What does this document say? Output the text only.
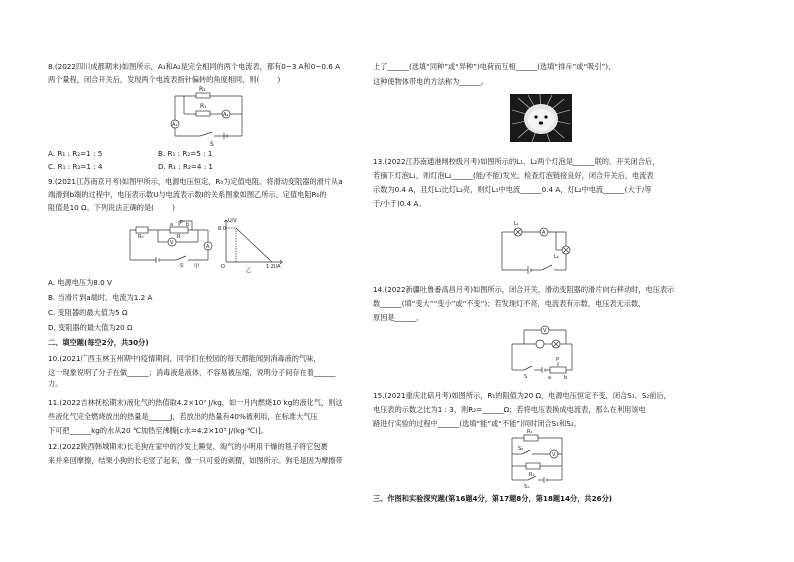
8.(2022四川成都期末)如图所示，A₁和A₂是完全相同的两个电流表，都有0~3 A和0~0.6 A

两个量程，闭合开关后，发现两个电流表指针偏转的角度相同，则(        )

R₁
R₂
A₂
A₁
S

A. R₁ : R₂=1 : 5	B. R₁ : R₂=5 : 1

C. R₁ : R₂=1 : 4	D. R₁ : R₂=4 : 1

9.(2021江苏南京月考)如图甲所示，电源电压恒定，R₀为定值电阻。将滑动变阻器的滑片从a

端滑到b端的过程中，电压表示数U与电流表示数I的关系图象如图乙所示，定值电阻R₀的

阻值是10 Ω。下列说法正确的是(        )

a P b
R
R₀
V
A
S 甲
U/V
8.0
O	1.2 I/A
乙

A. 电源电压为8.0 V

B. 当滑片到a端时，电流为1.2 A

C. 变阻器的最大值为5 Ω

D. 变阻器的最大值为20 Ω

二、填空题(每空2分，共30分)

10.(2021广西玉林玉州期中)疫情期间，同学们在校园的每天都能闻到消毒液的气味，

这一现象说明了分子在做______；消毒液是液体，不容易被压缩，说明分子间存在着______力。

11.(2022吉林抚松期末)液化气的热值取4.2×10⁷ J/kg，如一月内燃烧10 kg的液化气，则这

些液化气完全燃烧放出的热量是______J，若放出的热量有40%被利用，在标准大气压

下可把______kg的水从20 ℃加热至沸腾[c水=4.2×10³ J/(kg·℃)]。

12.(2022陕西韩城期末)长毛狗在家中的沙发上睡觉，淘气的小明用干燥的毯子将它包裹

来并来回摩擦，结果小狗的长毛竖了起来，像一只可爱的刺猬，如图所示。狗毛是因为摩擦带

上了______(选填“同种”或“异种”)电荷而互相______(选填“排斥”或“吸引”)，

这种使物体带电的方法称为______。

13.(2022江苏南通港闸校级月考)如图所示的L₁、L₂两个灯泡是______联的。开关闭合后，

若摘下灯泡L₁，则灯泡L₂______(能/不能)发光。检查灯泡链接良好，闭合开关后，电流表

示数为0.4 A，且灯L₁比灯L₂亮，则灯L₁中电流______0.4 A，灯L₂中电流______(大于/等

于/小于)0.4 A。

L₁
A
L₂

14.(2022新疆吐鲁番高昌月考)如图所示，闭合开关，滑动变阻器的滑片向右移动时，电压表示

数______(填“变大”“变小”或“不变”)；若发现灯不亮，电流表有示数，电压表无示数，

原因是______。

V
S	a
P
b

15.(2021重庆北碚月考)如图所示，R₁的阻值为20 Ω，电源电压恒定不变，闭合S₁、S₂前后，

电压表的示数之比为1 : 3，则R₂=______Ω；若将电压表换成电流表，那么在利用该电

路进行实验的过程中______(选填“能”或“不能”)同时闭合S₁和S₂。

R₁
S₂
V
R₂
S₁

三、作图和实验探究题(第16题4分，第17题8分，第18题14分，共26分)
